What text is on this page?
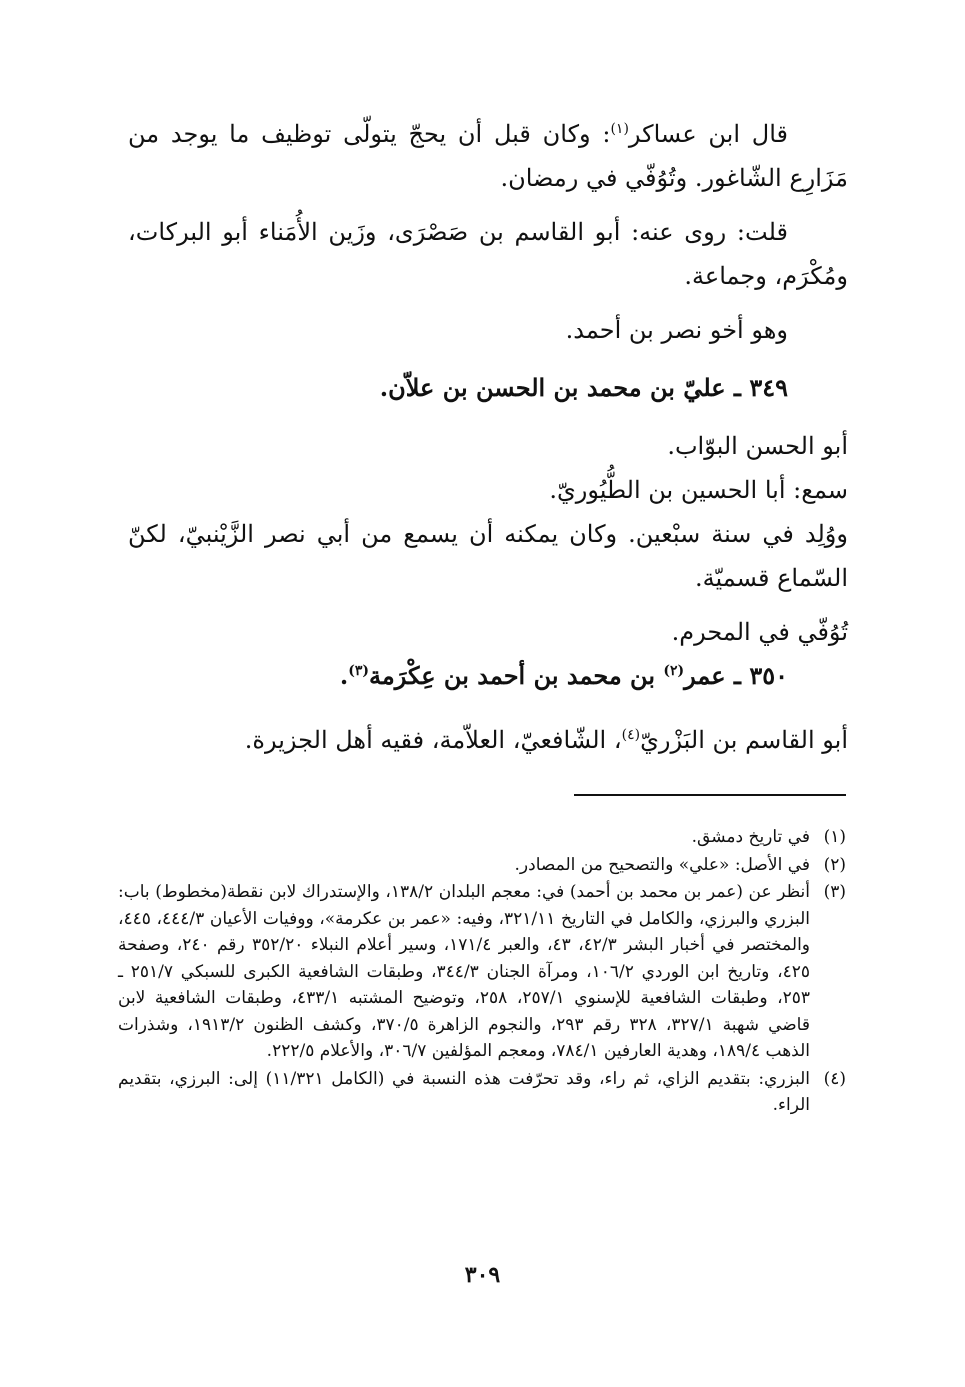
قال ابن عساكر$^{(١)}$: وكان قبل أن يحجّ يتولّى توظيف ما يوجد من مَزَارِع الشّاغور. وتُوُفّي في رمضان.

قلت: روى عنه: أبو القاسم بن صَصْرَى، وزَين الأُمَناء أبو البركات، ومُكْرَم، وجماعة.

وهو أخو نصر بن أحمد.

٣٤٩ ـ عليّ بن محمد بن الحسن بن علاّن.

أبو الحسن البوّاب.

سمع: أبا الحسين بن الطُّيُوريّ.

ووُلِد في سنة سبْعين. وكان يمكنه أن يسمع من أبي نصر الزَّيْنبيّ، لكنّ السّماع قسميّة.

تُوُفّي في المحرم.

٣٥٠ ـ عمر$^{(٢)}$ بن محمد بن أحمد بن عِكْرَمة$^{(٣)}$.

أبو القاسم بن البَزْريّ$^{(٤)}$، الشّافعيّ، العلاّمة، فقيه أهل الجزيرة.

(١)
في تاريخ دمشق.
(٢)
في الأصل: «علي» والتصحيح من المصادر.
(٣)
أنظر عن (عمر بن محمد بن أحمد) في: معجم البلدان ١٣٨/٢، والإستدراك لابن نقطة(مخطوط) باب: البزري والبرزي، والكامل في التاريخ ٣٢١/١١، وفيه: «عمر بن عكرمة»، ووفيات الأعيان ٤٤٤/٣، ٤٤٥، والمختصر في أخبار البشر ٤٢/٣، ٤٣، والعبر ١٧١/٤، وسير أعلام النبلاء ٣٥٢/٢٠ رقم ٢٤٠، وصفحة ٤٢٥، وتاريخ ابن الوردي ١٠٦/٢، ومرآة الجنان ٣٤٤/٣، وطبقات الشافعية الكبرى للسبكي ٢٥١/٧ ـ ٢٥٣، وطبقات الشافعية للإسنوي ٢٥٧/١، ٢٥٨، وتوضيح المشتبه ٤٣٣/١، وطبقات الشافعية لابن قاضي شهبة ٣٢٧/١، ٣٢٨ رقم ٢٩٣، والنجوم الزاهرة ٣٧٠/٥، وكشف الظنون ١٩١٣/٢، وشذرات الذهب ١٨٩/٤، وهدية العارفين ٧٨٤/١، ومعجم المؤلفين ٣٠٦/٧، والأعلام ٢٢٢/٥.
(٤)
البزري: بتقديم الزاي، ثم راء، وقد تحرّفت هذه النسبة في (الكامل ١١/٣٢١) إلى: البرزي، بتقديم الراء.
٣٠٩
